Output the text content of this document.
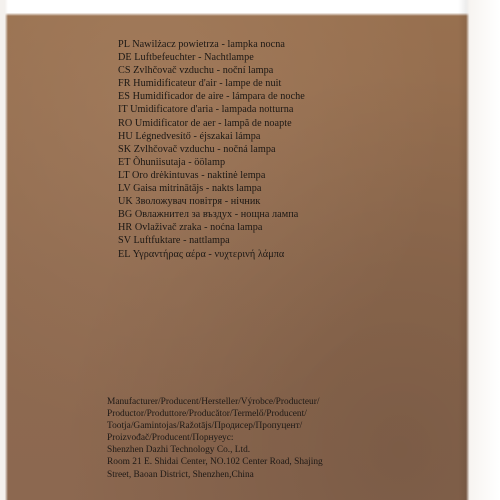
PL Nawilżacz powietrza - lampka nocna
DE Luftbefeuchter - Nachtlampe
CS Zvlhčovač vzduchu - noční lampa
FR Humidificateur d'air - lampe de nuit
ES Humidificador de aire - lámpara de noche
IT Umidificatore d'aria - lampada notturna
RO Umidificator de aer - lampă de noapte
HU Légnedvesítő - éjszakai lámpa
SK Zvlhčovač vzduchu - nočná lampa
ET Õhuniisutaja - öölamp
LT Oro drėkintuvas - naktinė lempa
LV Gaisa mitrinātājs - nakts lampa
UK Зволожувач повітря - нічник
BG Овлажнител за въздух - нощна лампа
HR Ovlaživač zraka - noćna lampa
SV Luftfuktare - nattlampa
EL Υγραντήρας αέρα - νυχτερινή λάμπα
Manufacturer/Producent/Hersteller/Výrobce/Producteur/
Productor/Produttore/Producător/Termelő/Producent/
Tootja/Gamintojas/Ražotājs/Продисер/Пропуцент/
Proizvođač/Producent/Порнуеус:
Shenzhen Dazhi Technology Co., Ltd.
Room 21 E. Shidai Center, NO.102 Center Road, Shajing
Street, Baoan District, Shenzhen,China
